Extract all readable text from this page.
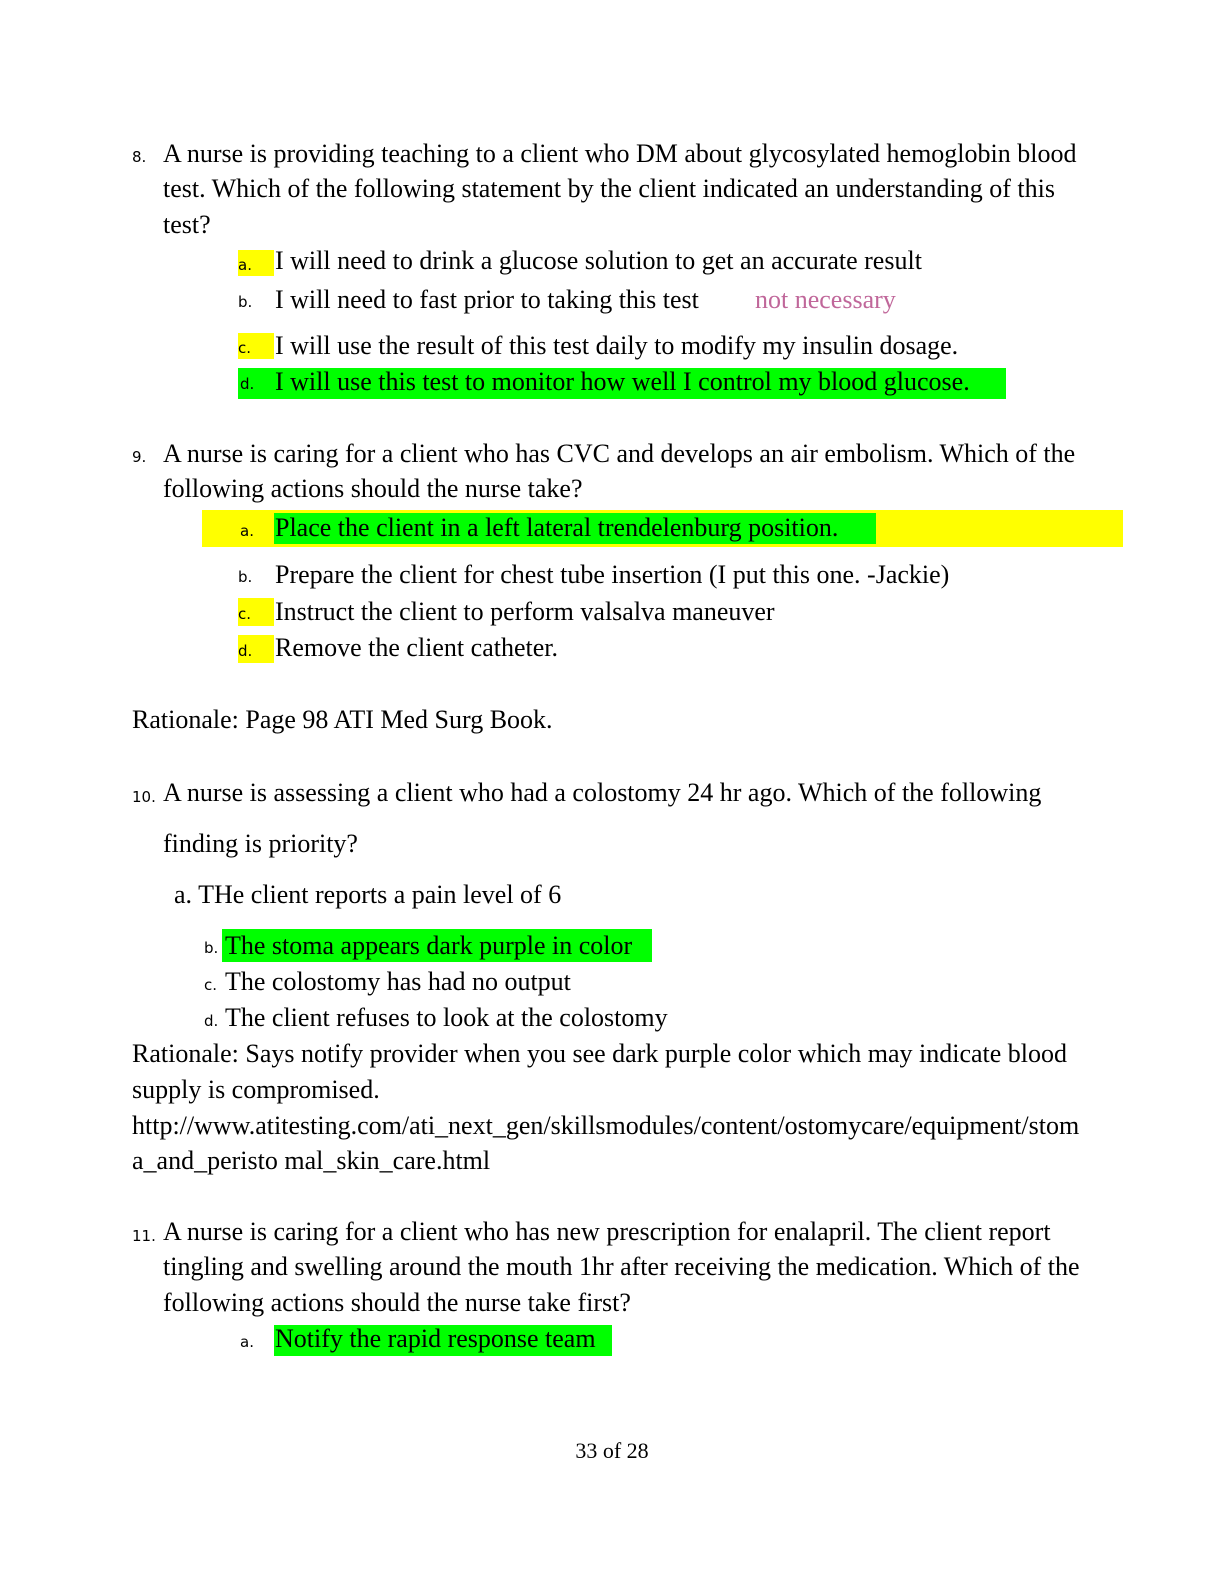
8. A nurse is providing teaching to a client who DM about glycosylated hemoglobin blood
test. Which of the following statement by the client indicated an understanding of this
test?
a. I will need to drink a glucose solution to get an accurate result
b. I will need to fast prior to taking this test not necessary
c. I will use the result of this test daily to modify my insulin dosage.
d. I will use this test to monitor how well I control my blood glucose.
9. A nurse is caring for a client who has CVC and develops an air embolism. Which of the
following actions should the nurse take?
a. Place the client in a left lateral trendelenburg position.
b. Prepare the client for chest tube insertion (I put this one. -Jackie)
c. Instruct the client to perform valsalva maneuver
d. Remove the client catheter.
Rationale: Page 98 ATI Med Surg Book.
10. A nurse is assessing a client who had a colostomy 24 hr ago. Which of the following
finding is priority?
a. THe client reports a pain level of 6
b. The stoma appears dark purple in color
c. The colostomy has had no output
d. The client refuses to look at the colostomy
Rationale: Says notify provider when you see dark purple color which may indicate blood
supply is compromised.
http://www.atitesting.com/ati_next_gen/skillsmodules/content/ostomycare/equipment/stom
a_and_peristo mal_skin_care.html
11. A nurse is caring for a client who has new prescription for enalapril. The client report
tingling and swelling around the mouth 1hr after receiving the medication. Which of the
following actions should the nurse take first?
a. Notify the rapid response team
33 of 28
